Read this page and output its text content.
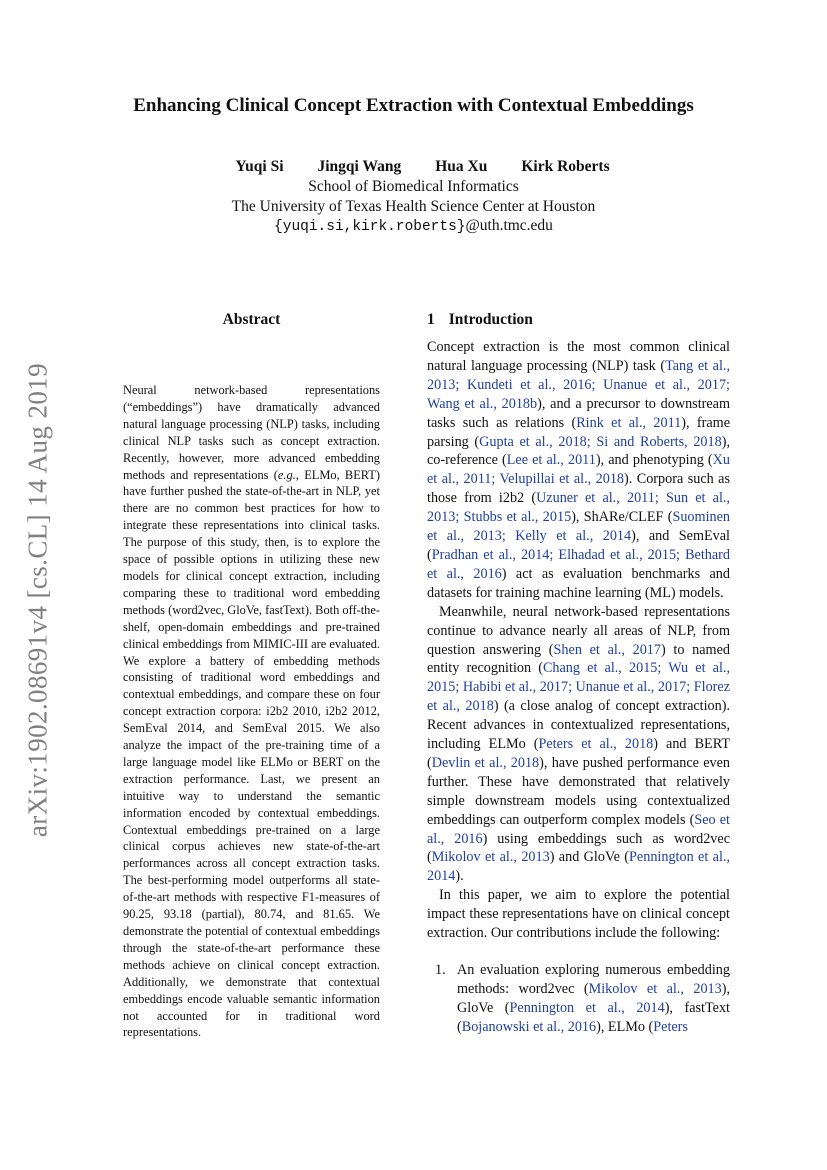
Enhancing Clinical Concept Extraction with Contextual Embeddings
Yuqi Si Jingqi Wang Hua Xu Kirk Roberts
School of Biomedical Informatics
The University of Texas Health Science Center at Houston
{yuqi.si,kirk.roberts}@uth.tmc.edu
arXiv:1902.08691v4 [cs.CL] 14 Aug 2019
Abstract
Neural network-based representations (“embeddings”) have dramatically advanced natural language processing (NLP) tasks, including clinical NLP tasks such as concept extraction. Recently, however, more advanced embedding methods and representations (e.g., ELMo, BERT) have further pushed the state-of-the-art in NLP, yet there are no common best practices for how to integrate these representations into clinical tasks. The purpose of this study, then, is to explore the space of possible options in utilizing these new models for clinical concept extraction, including comparing these to traditional word embedding methods (word2vec, GloVe, fastText). Both off-the-shelf, open-domain embeddings and pre-trained clinical embeddings from MIMIC-III are evaluated. We explore a battery of embedding methods consisting of traditional word embeddings and contextual embeddings, and compare these on four concept extraction corpora: i2b2 2010, i2b2 2012, SemEval 2014, and SemEval 2015. We also analyze the impact of the pre-training time of a large language model like ELMo or BERT on the extraction performance. Last, we present an intuitive way to understand the semantic information encoded by contextual embeddings. Contextual embeddings pre-trained on a large clinical corpus achieves new state-of-the-art performances across all concept extraction tasks. The best-performing model outperforms all state-of-the-art methods with respective F1-measures of 90.25, 93.18 (partial), 80.74, and 81.65. We demonstrate the potential of contextual embeddings through the state-of-the-art performance these methods achieve on clinical concept extraction. Additionally, we demonstrate that contextual embeddings encode valuable semantic information not accounted for in traditional word representations.
1 Introduction

Concept extraction is the most common clinical natural language processing (NLP) task (Tang et al., 2013; Kundeti et al., 2016; Unanue et al., 2017; Wang et al., 2018b), and a precursor to downstream tasks such as relations (Rink et al., 2011), frame parsing (Gupta et al., 2018; Si and Roberts, 2018), co-reference (Lee et al., 2011), and phenotyping (Xu et al., 2011; Velupillai et al., 2018). Corpora such as those from i2b2 (Uzuner et al., 2011; Sun et al., 2013; Stubbs et al., 2015), ShARe/CLEF (Suominen et al., 2013; Kelly et al., 2014), and SemEval (Pradhan et al., 2014; Elhadad et al., 2015; Bethard et al., 2016) act as evaluation benchmarks and datasets for training machine learning (ML) models.

Meanwhile, neural network-based representations continue to advance nearly all areas of NLP, from question answering (Shen et al., 2017) to named entity recognition (Chang et al., 2015; Wu et al., 2015; Habibi et al., 2017; Unanue et al., 2017; Florez et al., 2018) (a close analog of concept extraction). Recent advances in contextualized representations, including ELMo (Peters et al., 2018) and BERT (Devlin et al., 2018), have pushed performance even further. These have demonstrated that relatively simple downstream models using contextualized embeddings can outperform complex models (Seo et al., 2016) using embeddings such as word2vec (Mikolov et al., 2013) and GloVe (Pennington et al., 2014).

In this paper, we aim to explore the potential impact these representations have on clinical concept extraction. Our contributions include the following:

1. An evaluation exploring numerous embedding methods: word2vec (Mikolov et al., 2013), GloVe (Pennington et al., 2014), fastText (Bojanowski et al., 2016), ELMo (Peters
